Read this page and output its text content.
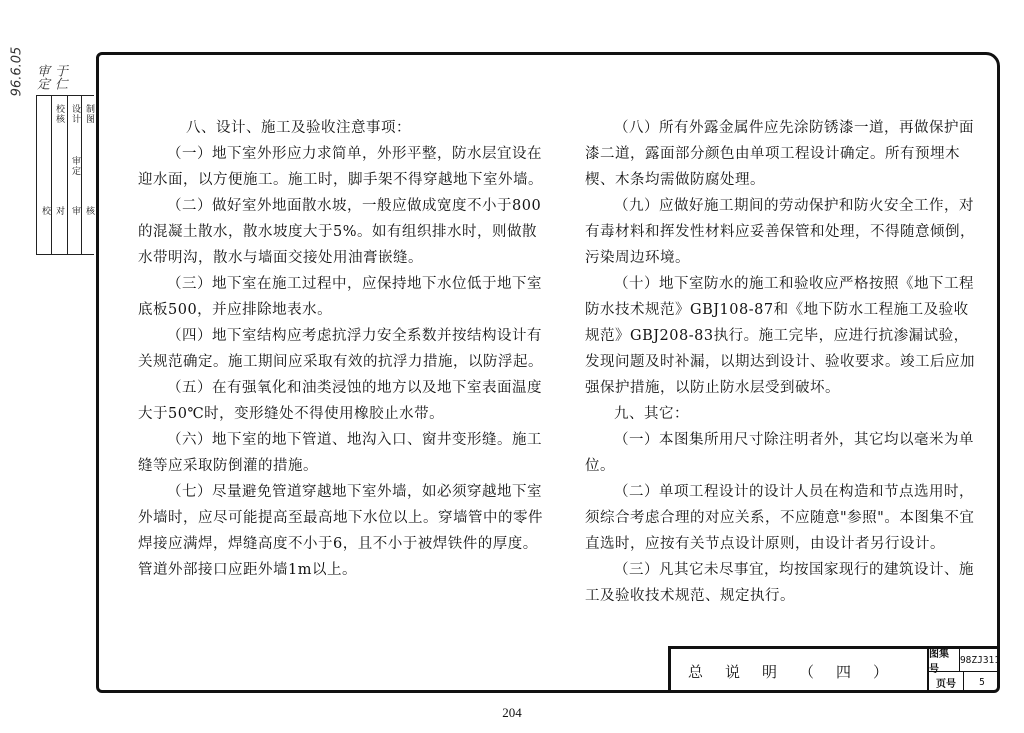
96.6.05 审定 于仁
校核 设计 制图
审定
校 对 审 核

八、设计、施工及验收注意事项：

（一）地下室外形应力求简单，外形平整，防水层宜设在迎水面，以方便施工。施工时，脚手架不得穿越地下室外墙。

（二）做好室外地面散水坡，一般应做成宽度不小于800的混凝土散水，散水坡度大于5%。如有组织排水时，则做散水带明沟，散水与墙面交接处用油膏嵌缝。

（三）地下室在施工过程中，应保持地下水位低于地下室底板500，并应排除地表水。

（四）地下室结构应考虑抗浮力安全系数并按结构设计有关规范确定。施工期间应采取有效的抗浮力措施，以防浮起。

（五）在有强氧化和油类浸蚀的地方以及地下室表面温度大于50℃时，变形缝处不得使用橡胶止水带。

（六）地下室的地下管道、地沟入口、窗井变形缝。施工缝等应采取防倒灌的措施。

（七）尽量避免管道穿越地下室外墙，如必须穿越地下室外墙时，应尽可能提高至最高地下水位以上。穿墙管中的零件焊接应满焊，焊缝高度不小于6，且不小于被焊铁件的厚度。管道外部接口应距外墙1m以上。

（八）所有外露金属件应先涂防锈漆一道，再做保护面漆二道，露面部分颜色由单项工程设计确定。所有预埋木楔、木条均需做防腐处理。

（九）应做好施工期间的劳动保护和防火安全工作，对有毒材料和挥发性材料应妥善保管和处理，不得随意倾倒，污染周边环境。

（十）地下室防水的施工和验收应严格按照《地下工程防水技术规范》GBJ108-87和《地下防水工程施工及验收规范》GBJ208-83执行。施工完毕，应进行抗渗漏试验，发现问题及时补漏，以期达到设计、验收要求。竣工后应加强保护措施，以防止防水层受到破坏。

九、其它：

（一）本图集所用尺寸除注明者外，其它均以毫米为单位。

（二）单项工程设计的设计人员在构造和节点选用时，须综合考虑合理的对应关系，不应随意"参照"。本图集不宜直选时，应按有关节点设计原则，由设计者另行设计。

（三）凡其它未尽事宜，均按国家现行的建筑设计、施工及验收技术规范、规定执行。

总说明（四）
图集号
98ZJ311
页号	5
204
